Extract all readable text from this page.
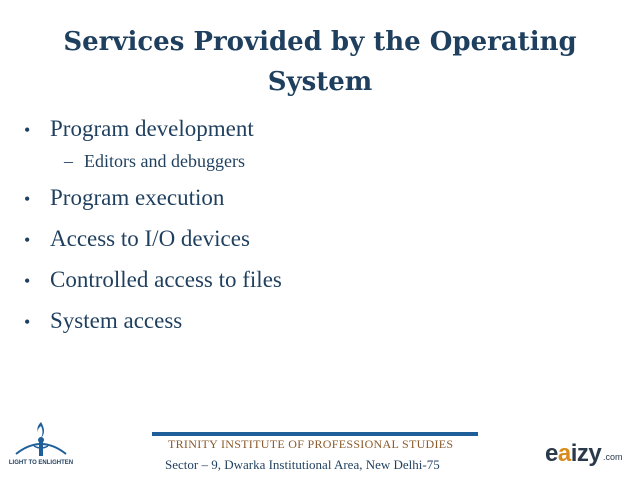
Services Provided by the Operating System
• Program development
– Editors and debuggers
• Program execution
• Access to I/O devices
• Controlled access to files
• System access
LIGHT TO ENLIGHTEN
TRINITY INSTITUTE OF PROFESSIONAL STUDIES
Sector – 9, Dwarka Institutional Area, New Delhi-75	eaizy .com
